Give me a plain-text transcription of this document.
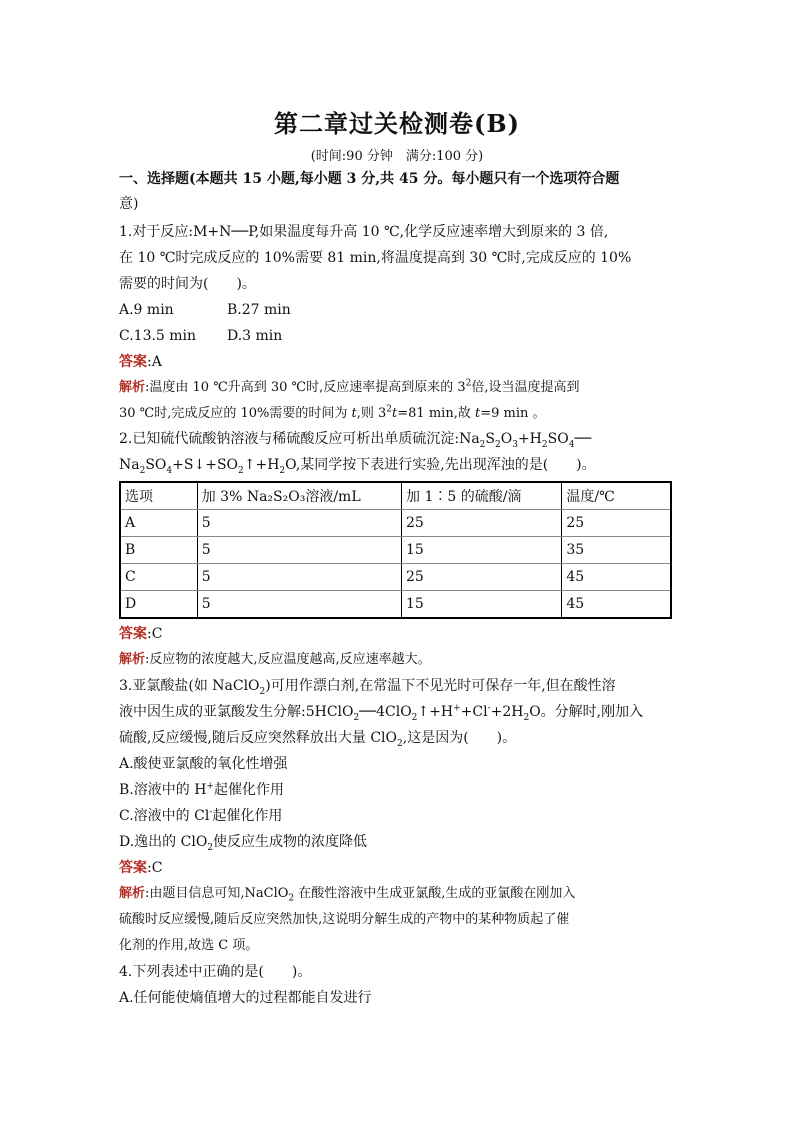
第二章过关检测卷(B)
(时间:90 分钟　满分:100 分)
一、选择题(本题共 15 小题,每小题 3 分,共 45 分。每小题只有一个选项符合题
意)
1.对于反应:M+N──P,如果温度每升高 10 ℃,化学反应速率增大到原来的 3 倍,
在 10 ℃时完成反应的 10%需要 81 min,将温度提高到 30 ℃时,完成反应的 10%
需要的时间为(　　)。
A.9 min	B.27 min
C.13.5 min D.3 min
答案:A
解析:温度由 10 ℃升高到 30 ℃时,反应速率提高到原来的 $3^2$倍,设当温度提高到
30 ℃时,完成反应的 10%需要的时间为 t,则 $3^2t=81$ min,故 t=9 min 。
2.已知硫代硫酸钠溶液与稀硫酸反应可析出单质硫沉淀$:Na_2S_2O_3+H_2SO_4──$
$Na_2SO_4+S↓+SO_2↑+H_2O$,某同学按下表进行实验,先出现浑浊的是(　　)。
选项	加 3% Na₂S₂O₃溶液/mL	加 1∶5 的硫酸/滴	温度/℃
A	5	25	25
B	5	15	35
C	5	25	45
D	5	15	45
答案:C
解析:反应物的浓度越大,反应温度越高,反应速率越大。
3.亚氯酸盐(如 NaClO$_2$)可用作漂白剂,在常温下不见光时可保存一年,但在酸性溶
液中因生成的亚氯酸发生分解$:5HClO_2──4ClO_2↑+H^++Cl^-+2H_2O$。分解时,刚加入
硫酸,反应缓慢,随后反应突然释放出大量 ClO$_2$,这是因为(　　)。
A.酸使亚氯酸的氧化性增强
B.溶液中的 H+起催化作用
C.溶液中的 Cl-起催化作用
D.逸出的 ClO$_2$使反应生成物的浓度降低
答案:C
解析:由题目信息可知,NaClO$_2$ 在酸性溶液中生成亚氯酸,生成的亚氯酸在刚加入
硫酸时反应缓慢,随后反应突然加快,这说明分解生成的产物中的某种物质起了催
化剂的作用,故选 C 项。
4.下列表述中正确的是(　　)。
A.任何能使熵值增大的过程都能自发进行
